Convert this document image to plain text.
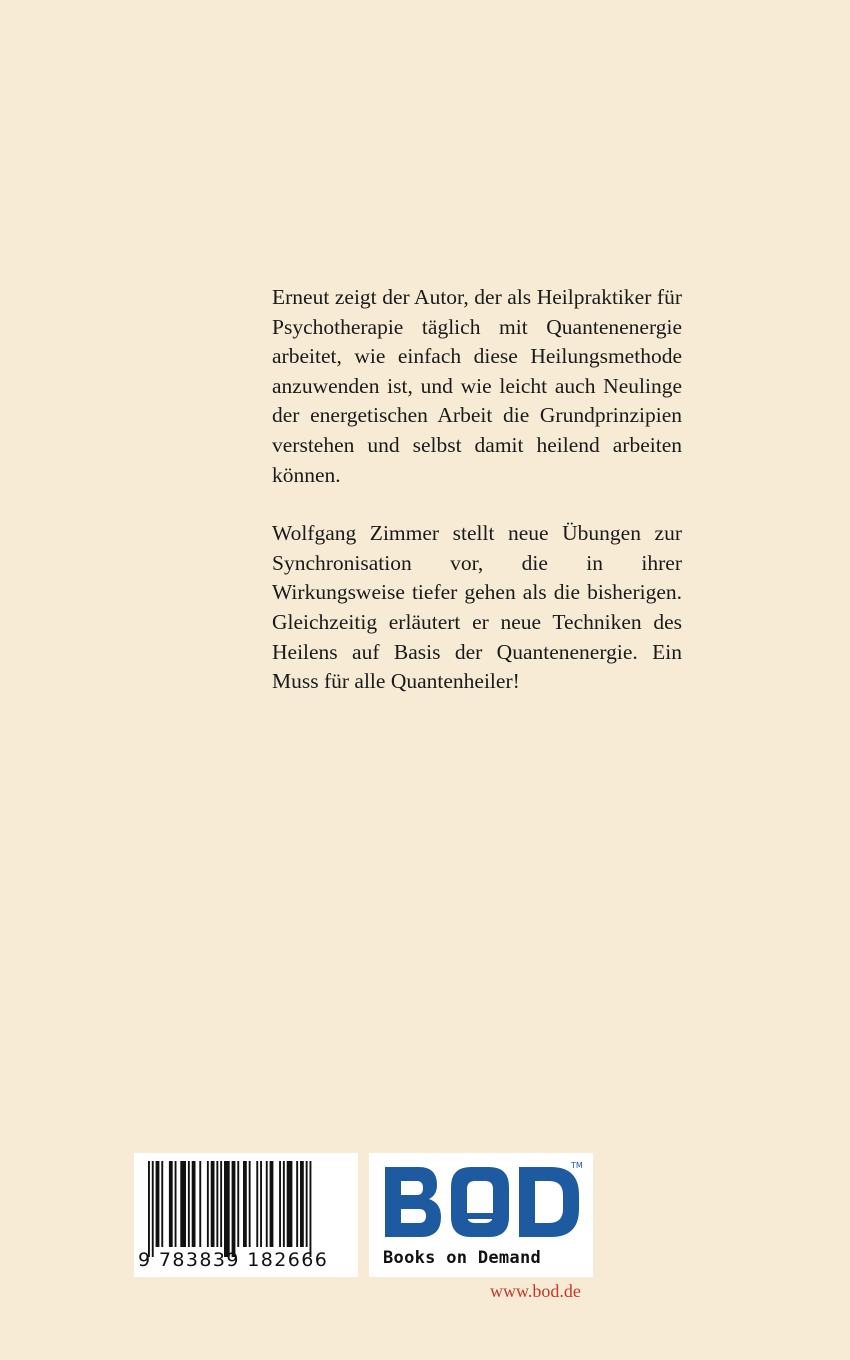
Erneut zeigt der Autor, der als Heilpraktiker für Psychotherapie täglich mit Quantenenergie arbeitet, wie einfach diese Heilungsmethode anzuwenden ist, und wie leicht auch Neulinge der energetischen Arbeit die Grundprinzipien verstehen und selbst damit heilend arbeiten können.

Wolfgang Zimmer stellt neue Übungen zur Synchronisation vor, die in ihrer Wirkungsweise tiefer gehen als die bisherigen. Gleichzeitig erläutert er neue Techniken des Heilens auf Basis der Quantenenergie. Ein Muss für alle Quantenheiler!

9 783839 182666
TM
Books on Demand
www.bod.de
